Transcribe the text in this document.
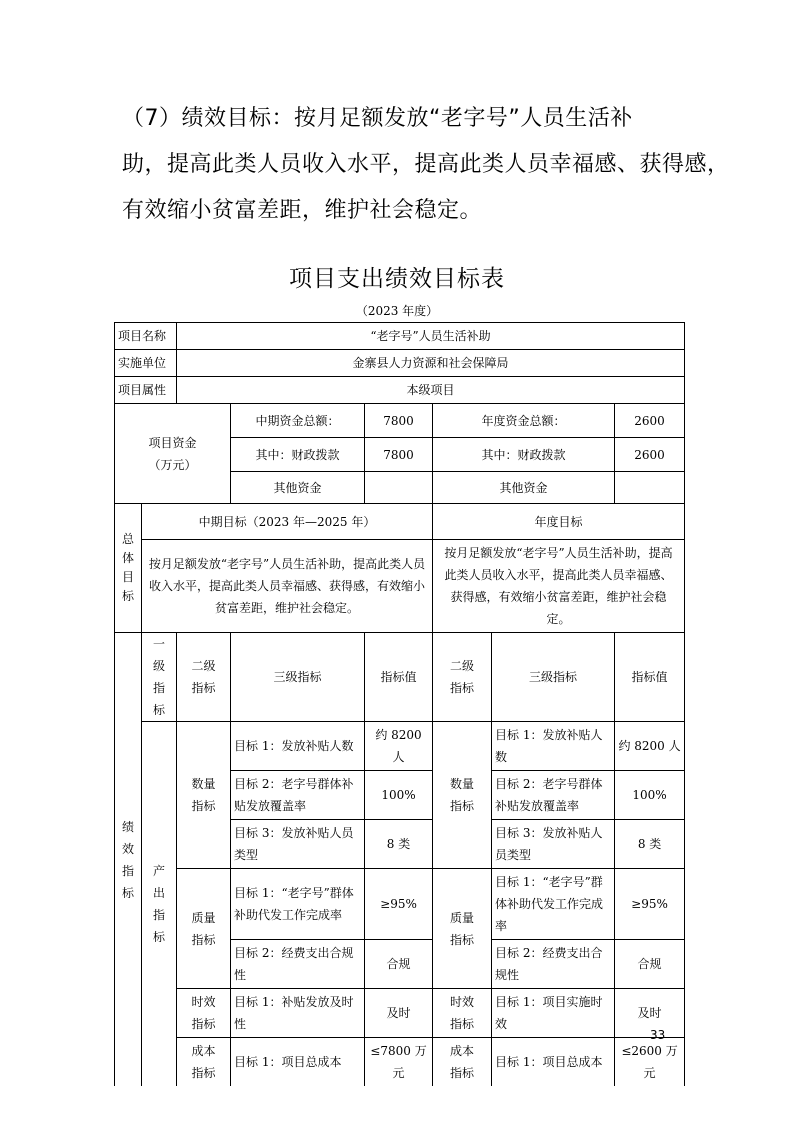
（7）绩效目标：按月足额发放“老字号”人员生活补
助，提高此类人员收入水平，提高此类人员幸福感、获得感，
有效缩小贫富差距，维护社会稳定。
项目支出绩效目标表
（2023 年度）
项目名称		“老字号”人员生活补助					
实施单位		金寨县人力资源和社会保障局					
项目属性		本级项目					

项目资金
（万元）			中期资金总额：	7800	年度资金总额：		2600
			其中：财政拨款	7800	其中：财政拨款		2600
			其他资金		其他资金		

总体目标	中期目标（2023 年—2025 年）				年度目标		
	按月足额发放“老字号”人员生活补助，提高此类人员收入水平，提高此类人员幸福感、获得感，有效缩小贫富差距，维护社会稳定。				按月足额发放“老字号”人员生活补助，提高此类人员收入水平，提高此类人员幸福感、获得感，有效缩小贫富差距，维护社会稳定。		

绩效指标	一级指标	二级指标	三级指标	指标值	二级指标	三级指标	指标值

	产出指标	数量指标	目标 1：发放补贴人数	约 8200 人	数量指标	目标 1：发放补贴人数	约 8200 人
			目标 2：老字号群体补贴发放覆盖率	100%		目标 2：老字号群体补贴发放覆盖率	100%
			目标 3：发放补贴人员类型	8 类		目标 3：发放补贴人员类型	8 类

		质量指标	目标 1：“老字号”群体补助代发工作完成率	≥95%	质量指标	目标 1：“老字号”群体补助代发工作完成率	≥95%
			目标 2：经费支出合规性	合规		目标 2：经费支出合规性	合规

		时效指标	目标 1：补贴发放及时性	及时	时效指标	目标 1：项目实施时效	及时

		成本指标	目标 1：项目总成本	≤7800 万元	成本指标	目标 1：项目总成本	≤2600 万元
33
